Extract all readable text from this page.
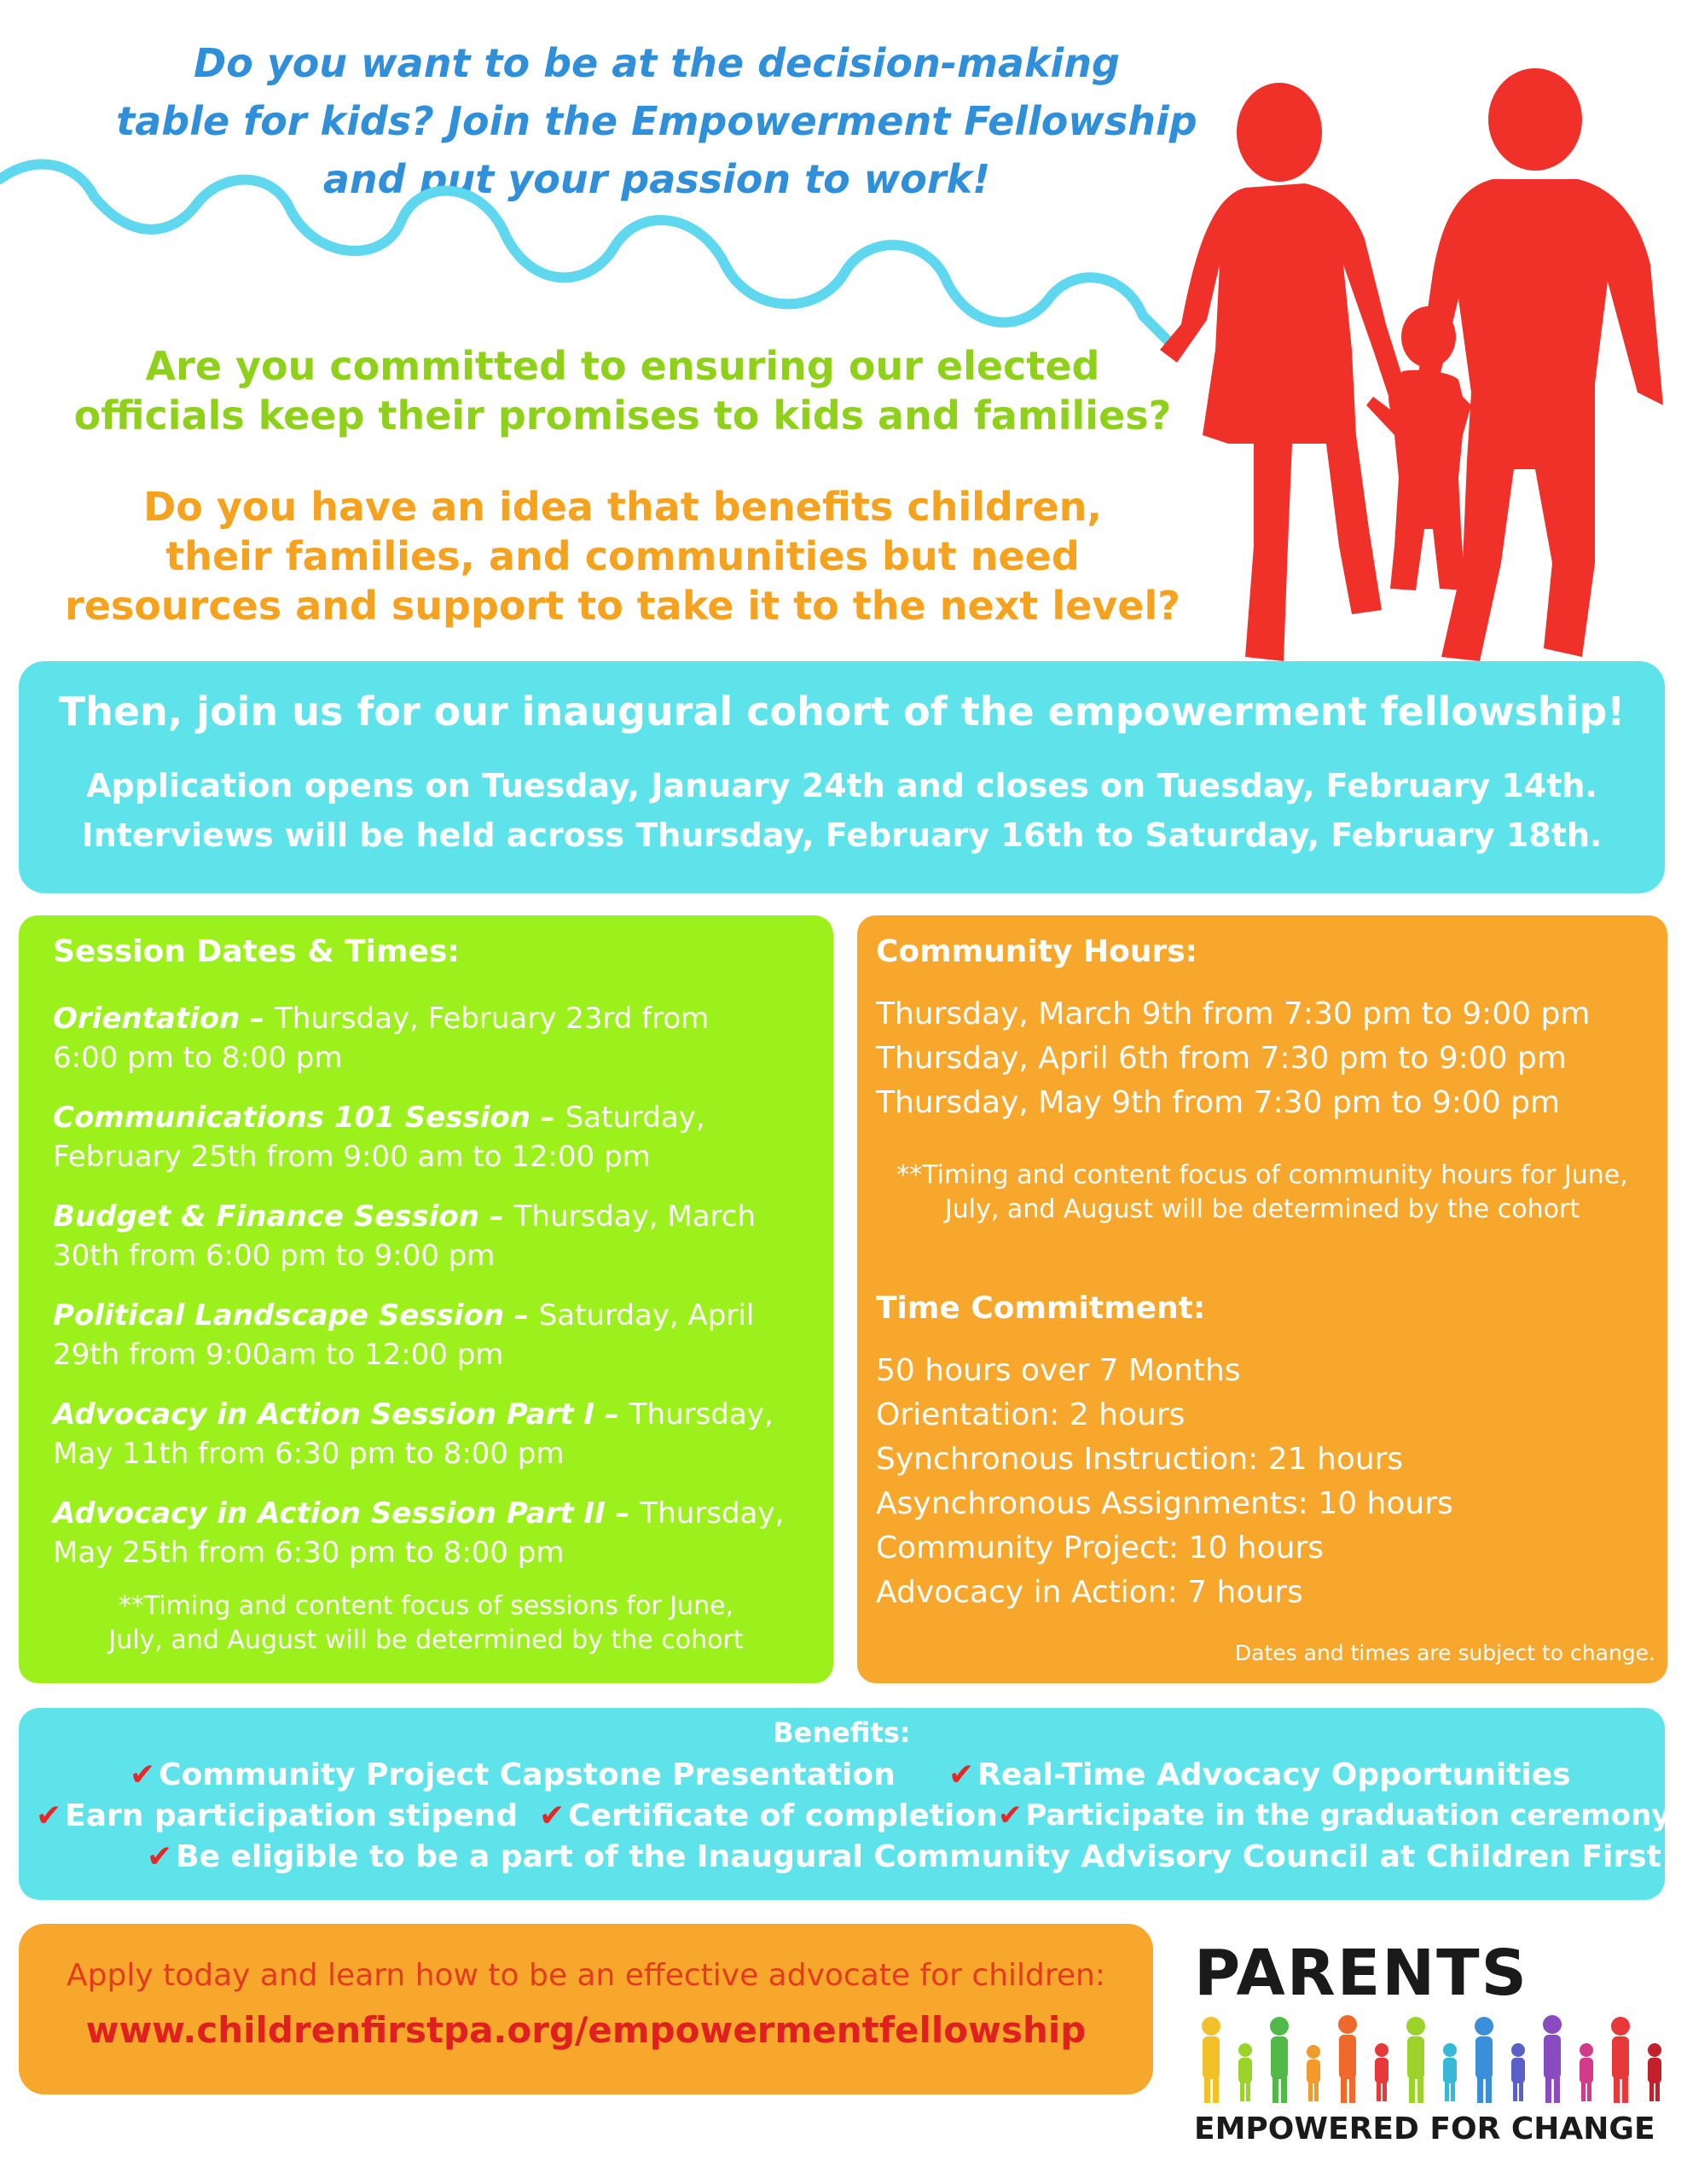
Do you want to be at the decision-making
table for kids? Join the Empowerment Fellowship
and put your passion to work!
Are you committed to ensuring our elected
officials keep their promises to kids and families?
Do you have an idea that benefits children,
their families, and communities but need
resources and support to take it to the next level?
Then, join us for our inaugural cohort of the empowerment fellowship!
Application opens on Tuesday, January 24th and closes on Tuesday, February 14th.
Interviews will be held across Thursday, February 16th to Saturday, February 18th.
Session Dates & Times:
Orientation – Thursday, February 23rd from
6:00 pm to 8:00 pm
Communications 101 Session – Saturday,
February 25th from 9:00 am to 12:00 pm
Budget & Finance Session – Thursday, March
30th from 6:00 pm to 9:00 pm
Political Landscape Session – Saturday, April
29th from 9:00am to 12:00 pm
Advocacy in Action Session Part I – Thursday,
May 11th from 6:30 pm to 8:00 pm
Advocacy in Action Session Part II – Thursday,
May 25th from 6:30 pm to 8:00 pm
**Timing and content focus of sessions for June,
July, and August will be determined by the cohort
Community Hours:
Thursday, March 9th from 7:30 pm to 9:00 pm
Thursday, April 6th from 7:30 pm to 9:00 pm
Thursday, May 9th from 7:30 pm to 9:00 pm
**Timing and content focus of community hours for June,
July, and August will be determined by the cohort
Time Commitment:
50 hours over 7 Months
Orientation: 2 hours
Synchronous Instruction: 21 hours
Asynchronous Assignments: 10 hours
Community Project: 10 hours
Advocacy in Action: 7 hours
Dates and times are subject to change.
Benefits:
✔ Community Project Capstone Presentation ✔ Real-Time Advocacy Opportunities
✔ Earn participation stipend ✔ Certificate of completion ✔ Participate in the graduation ceremony
✔ Be eligible to be a part of the Inaugural Community Advisory Council at Children First
Apply today and learn how to be an effective advocate for children:
www.childrenfirstpa.org/empowermentfellowship
PARENTS
EMPOWERED FOR CHANGE
